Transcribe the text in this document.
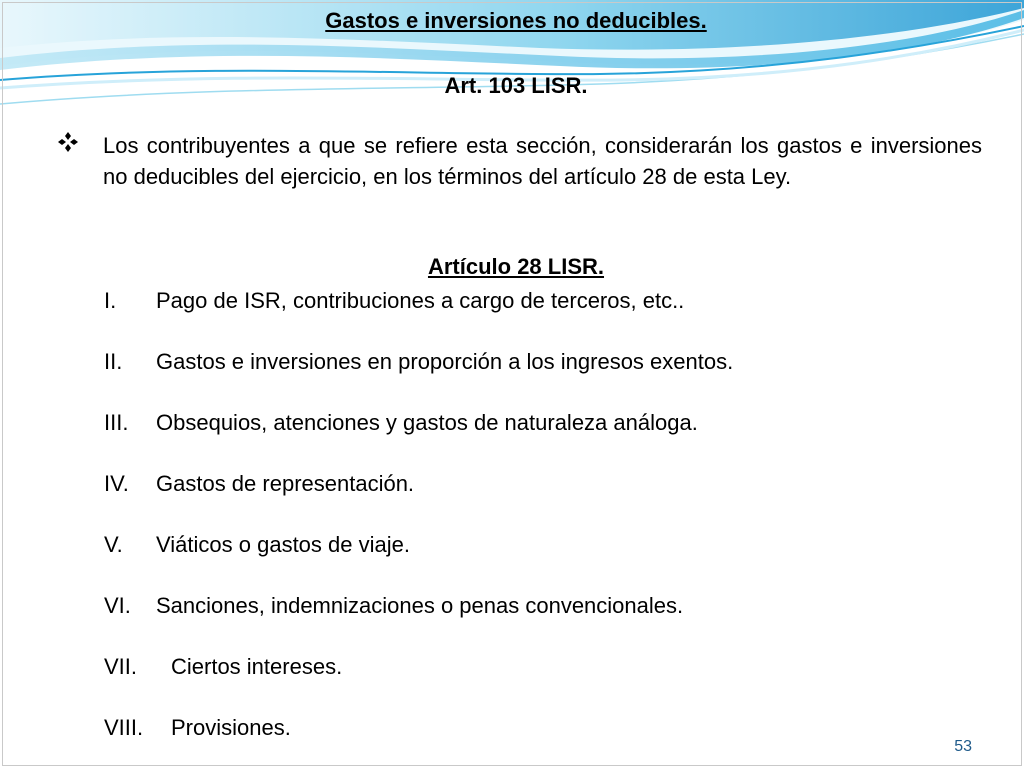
Gastos e inversiones no deducibles.
Art. 103 LISR.
Los contribuyentes a que se refiere esta sección, considerarán los gastos e inversiones no deducibles del ejercicio, en los términos del artículo 28 de esta Ley.
Artículo 28 LISR.
I. Pago de ISR, contribuciones a cargo de terceros, etc..
II. Gastos e inversiones en proporción a los ingresos exentos.
III. Obsequios, atenciones y gastos de naturaleza análoga.
IV. Gastos de representación.
V. Viáticos o gastos de viaje.
VI. Sanciones, indemnizaciones o penas convencionales.
VII. Ciertos intereses.
VIII. Provisiones.
53
